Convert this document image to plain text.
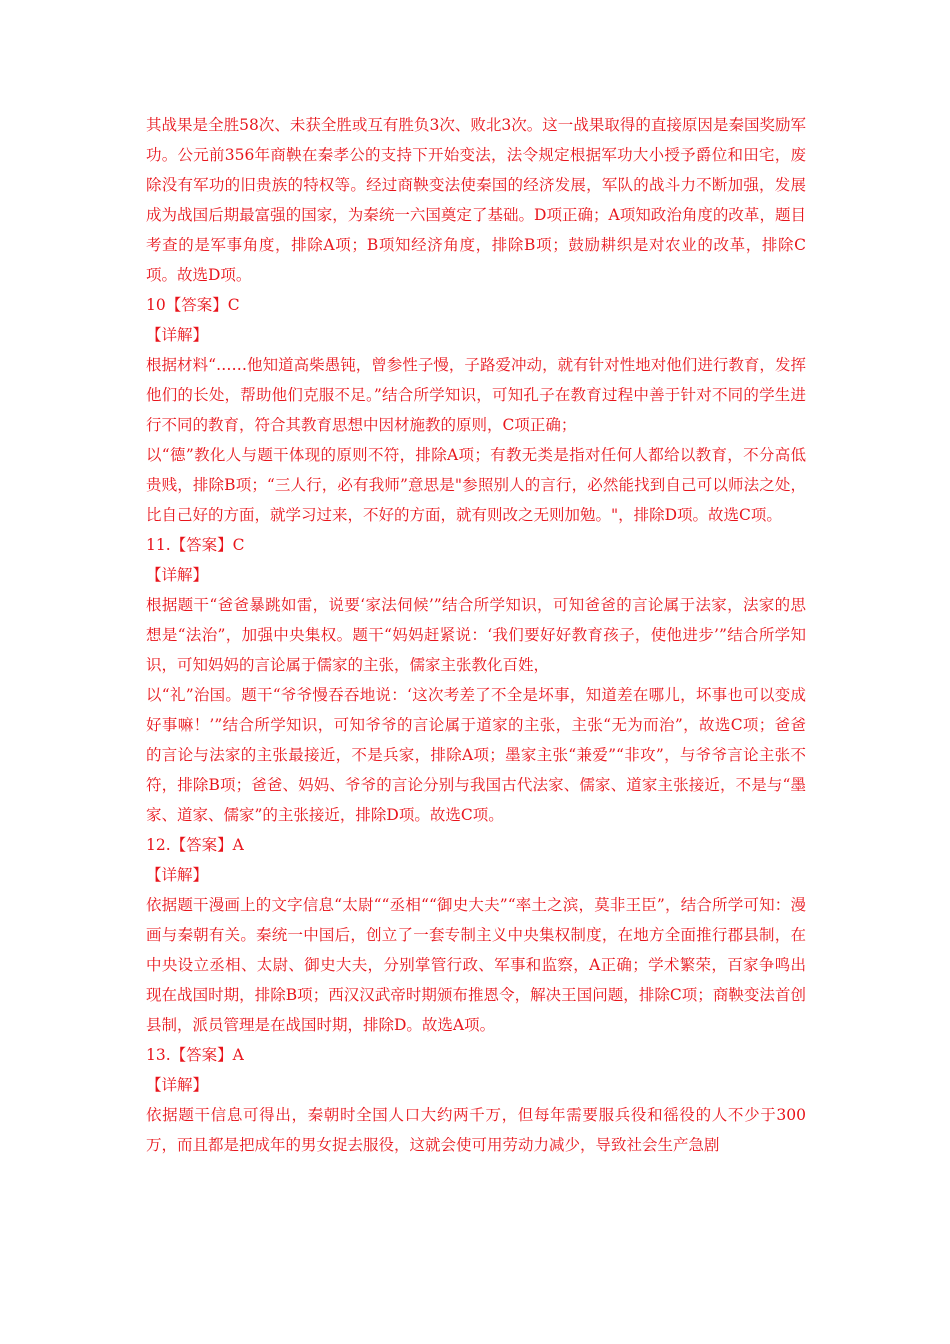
其战果是全胜58次、未获全胜或互有胜负3次、败北3次。这一战果取得的直接原因是秦国奖励军功。公元前356年商鞅在秦孝公的支持下开始变法，法令规定根据军功大小授予爵位和田宅，废除没有军功的旧贵族的特权等。经过商鞅变法使秦国的经济发展，军队的战斗力不断加强，发展成为战国后期最富强的国家，为秦统一六国奠定了基础。D项正确；A项知政治角度的改革，题目考查的是军事角度，排除A项；B项知经济角度，排除B项；鼓励耕织是对农业的改革，排除C项。故选D项。

10【答案】C

【详解】

根据材料“……他知道高柴愚钝，曾参性子慢，子路爱冲动，就有针对性地对他们进行教育，发挥他们的长处，帮助他们克服不足。”结合所学知识，可知孔子在教育过程中善于针对不同的学生进行不同的教育，符合其教育思想中因材施教的原则，C项正确；

以“德”教化人与题干体现的原则不符，排除A项；有教无类是指对任何人都给以教育，不分高低贵贱，排除B项；“三人行，必有我师”意思是"参照别人的言行，必然能找到自己可以师法之处，比自己好的方面，就学习过来，不好的方面，就有则改之无则加勉。"，排除D项。故选C项。

11.【答案】C

【详解】

根据题干“爸爸暴跳如雷，说要‘家法伺候’”结合所学知识，可知爸爸的言论属于法家，法家的思想是“法治”，加强中央集权。题干“妈妈赶紧说：‘我们要好好教育孩子，使他进步’”结合所学知识，可知妈妈的言论属于儒家的主张，儒家主张教化百姓，

以“礼”治国。题干“爷爷慢吞吞地说：‘这次考差了不全是坏事，知道差在哪儿，坏事也可以变成好事嘛！’”结合所学知识，可知爷爷的言论属于道家的主张，主张“无为而治”，故选C项；爸爸的言论与法家的主张最接近，不是兵家，排除A项；墨家主张“兼爱”“非攻”，与爷爷言论主张不符，排除B项；爸爸、妈妈、爷爷的言论分别与我国古代法家、儒家、道家主张接近，不是与“墨家、道家、儒家”的主张接近，排除D项。故选C项。

12.【答案】A

【详解】

依据题干漫画上的文字信息“太尉““丞相““御史大夫”“率土之滨，莫非王臣”，结合所学可知：漫画与秦朝有关。秦统一中国后，创立了一套专制主义中央集权制度，在地方全面推行郡县制，在中央设立丞相、太尉、御史大夫，分别掌管行政、军事和监察，A正确；学术繁荣，百家争鸣出现在战国时期，排除B项；西汉汉武帝时期颁布推恩令，解决王国问题，排除C项；商鞅变法首创县制，派员管理是在战国时期，排除D。故选A项。

13.【答案】A

【详解】

依据题干信息可得出，秦朝时全国人口大约两千万，但每年需要服兵役和徭役的人不少于300万，而且都是把成年的男女捉去服役，这就会使可用劳动力减少，导致社会生产急剧
